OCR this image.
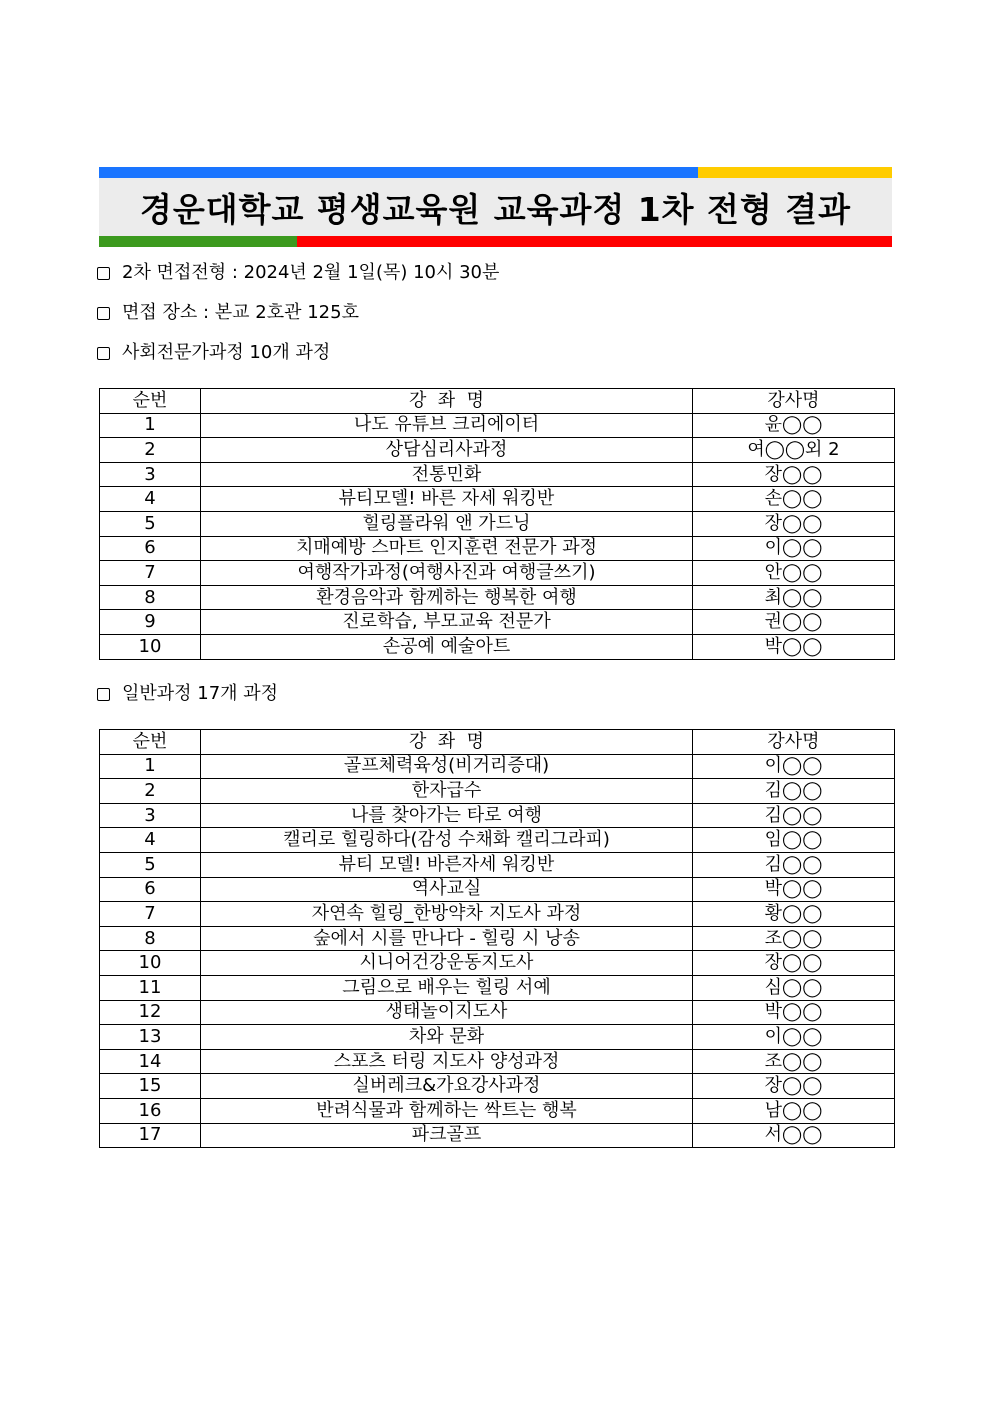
경운대학교 평생교육원 교육과정 1차 전형 결과
2차 면접전형 : 2024년 2월 1일(목) 10시 30분
면접 장소 : 본교 2호관 125호
사회전문가과정 10개 과정
순번	강  좌  명	강사명
1	나도 유튜브 크리에이터	윤◯◯
2	상담심리사과정	여◯◯외 2
3	전통민화	장◯◯
4	뷰티모델! 바른 자세 워킹반	손◯◯
5	힐링플라워 앤 가드닝	장◯◯
6	치매예방 스마트 인지훈련 전문가 과정	이◯◯
7	여행작가과정(여행사진과 여행글쓰기)	안◯◯
8	환경음악과 함께하는 행복한 여행	최◯◯
9	진로학습, 부모교육 전문가	권◯◯
10	손공예 예술아트	박◯◯
일반과정 17개 과정
순번	강  좌  명	강사명
1	골프체력육성(비거리증대)	이◯◯
2	한자급수	김◯◯
3	나를 찾아가는 타로 여행	김◯◯
4	캘리로 힐링하다(감성 수채화 캘리그라피)	임◯◯
5	뷰티 모델! 바른자세 워킹반	김◯◯
6	역사교실	박◯◯
7	자연속 힐링_한방약차 지도사 과정	황◯◯
8	숲에서 시를 만나다 - 힐링 시 낭송	조◯◯
10	시니어건강운동지도사	장◯◯
11	그림으로 배우는 힐링 서예	심◯◯
12	생태놀이지도사	박◯◯
13	차와 문화	이◯◯
14	스포츠 터링 지도사 양성과정	조◯◯
15	실버레크&가요강사과정	장◯◯
16	반려식물과 함께하는 싹트는 행복	남◯◯
17	파크골프	서◯◯
